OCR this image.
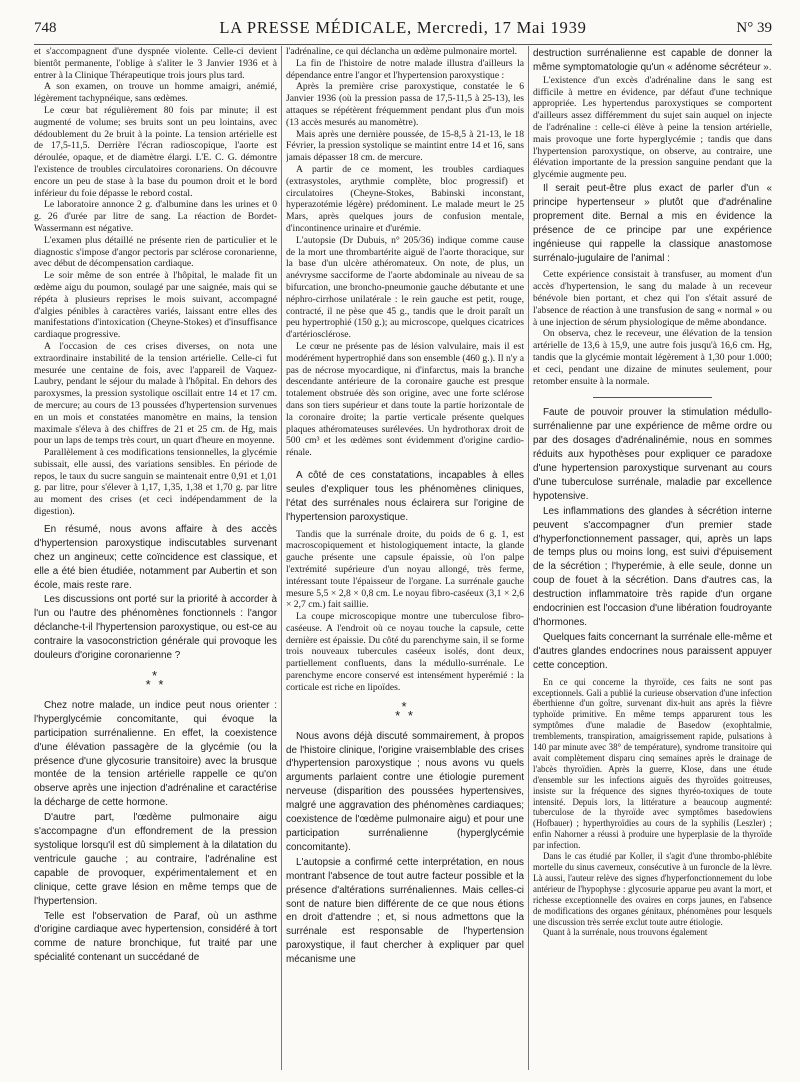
748	LA PRESSE MÉDICALE, Mercredi, 17 Mai 1939	N° 39

et s'accompagnent d'une dyspnée violente. Celle-ci devient bientôt permanente, l'oblige à s'aliter le 3 Janvier 1936 et à entrer à la Clinique Thérapeutique trois jours plus tard.

A son examen, on trouve un homme amaigri, anémié, légèrement tachypnéique, sans œdèmes.

Le cœur bat régulièrement 80 fois par minute; il est augmenté de volume; ses bruits sont un peu lointains, avec dédoublement du 2e bruit à la pointe. La tension artérielle est de 17,5-11,5. Derrière l'écran radioscopique, l'aorte est déroulée, opaque, et de diamètre élargi. L'E. C. G. démontre l'existence de troubles circulatoires coronariens. On découvre encore un peu de stase à la base du poumon droit et le bord inférieur du foie dépasse le rebord costal.

Le laboratoire annonce 2 g. d'albumine dans les urines et 0 g. 26 d'urée par litre de sang. La réaction de Bordet-Wassermann est négative.

L'examen plus détaillé ne présente rien de particulier et le diagnostic s'impose d'angor pectoris par sclérose coronarienne, avec début de décompensation cardiaque.

Le soir même de son entrée à l'hôpital, le malade fit un œdème aigu du poumon, soulagé par une saignée, mais qui se répéta à plusieurs reprises le mois suivant, accompagné d'algies pénibles à caractères variés, laissant entre elles des manifestations d'intoxication (Cheyne-Stokes) et d'insuffisance cardiaque progressive.

A l'occasion de ces crises diverses, on nota une extraordinaire instabilité de la tension artérielle. Celle-ci fut mesurée une centaine de fois, avec l'appareil de Vaquez-Laubry, pendant le séjour du malade à l'hôpital. En dehors des paroxysmes, la pression systolique oscillait entre 14 et 17 cm. de mercure; au cours de 13 poussées d'hypertension survenues en un mois et constatées manomètre en mains, la tension maximale s'éleva à des chiffres de 21 et 25 cm. de Hg, mais pour un laps de temps très court, un quart d'heure en moyenne.

Parallèlement à ces modifications tensionnelles, la glycémie subissait, elle aussi, des variations sensibles. En période de repos, le taux du sucre sanguin se maintenait entre 0,91 et 1,01 g. par litre, pour s'élever à 1,17, 1,35, 1,38 et 1,70 g. par litre au moment des crises (et ceci indépendamment de la digestion).

En résumé, nous avons affaire à des accès d'hypertension paroxystique indiscutables survenant chez un angineux; cette coïncidence est classique, et elle a été bien étudiée, notamment par Aubertin et son école, mais reste rare.

Les discussions ont porté sur la priorité à accorder à l'un ou l'autre des phénomènes fonctionnels : l'angor déclanche-t-il l'hypertension paroxystique, ou est-ce au contraire la vasoconstriction générale qui provoque les douleurs d'origine coronarienne ?

*
* *

Chez notre malade, un indice peut nous orienter : l'hyperglycémie concomitante, qui évoque la participation surrénalienne. En effet, la coexistence d'une élévation passagère de la glycémie (ou la présence d'une glycosurie transitoire) avec la brusque montée de la tension artérielle rappelle ce qu'on observe après une injection d'adrénaline et caractérise la décharge de cette hormone.

D'autre part, l'œdème pulmonaire aigu s'accompagne d'un effondrement de la pression systolique lorsqu'il est dû simplement à la dilatation du ventricule gauche ; au contraire, l'adrénaline est capable de provoquer, expérimentalement et en clinique, cette grave lésion en même temps que de l'hypertension.

Telle est l'observation de Paraf, où un asthme d'origine cardiaque avec hypertension, considéré à tort comme de nature bronchique, fut traité par une spécialité contenant un succédané de

l'adrénaline, ce qui déclancha un œdème pulmonaire mortel.

La fin de l'histoire de notre malade illustra d'ailleurs la dépendance entre l'angor et l'hypertension paroxystique :

Après la première crise paroxystique, constatée le 6 Janvier 1936 (où la pression passa de 17,5-11,5 à 25-13), les attaques se répétèrent fréquemment pendant plus d'un mois (13 accès mesurés au manomètre).

Mais après une dernière poussée, de 15-8,5 à 21-13, le 18 Février, la pression systolique se maintint entre 14 et 16, sans jamais dépasser 18 cm. de mercure.

A partir de ce moment, les troubles cardiaques (extrasystoles, arythmie complète, bloc progressif) et circulatoires (Cheyne-Stokes, Babinski inconstant, hyperazotémie légère) prédominent. Le malade meurt le 25 Mars, après quelques jours de confusion mentale, d'incontinence urinaire et d'urémie.

L'autopsie (Dr Dubuis, n° 205/36) indique comme cause de la mort une thrombartérite aiguë de l'aorte thoracique, sur la base d'un ulcère athéromateux. On note, de plus, un anévrysme sacciforme de l'aorte abdominale au niveau de sa bifurcation, une broncho-pneumonie gauche débutante et une néphro-cirrhose unilatérale : le rein gauche est petit, rouge, contracté, il ne pèse que 45 g., tandis que le droit paraît un peu hypertrophié (150 g.); au microscope, quelques cicatrices d'artériosclérose.

Le cœur ne présente pas de lésion valvulaire, mais il est modérément hypertrophié dans son ensemble (460 g.). Il n'y a pas de nécrose myocardique, ni d'infarctus, mais la branche descendante antérieure de la coronaire gauche est presque totalement obstruée dès son origine, avec une forte sclérose dans son tiers supérieur et dans toute la partie horizontale de la coronaire droite; la partie verticale présente quelques plaques athéromateuses surélevées. Un hydrothorax droit de 500 cm³ et les œdèmes sont évidemment d'origine cardio-rénale.

A côté de ces constatations, incapables à elles seules d'expliquer tous les phénomènes cliniques, l'état des surrénales nous éclairera sur l'origine de l'hypertension paroxystique.

Tandis que la surrénale droite, du poids de 6 g. 1, est macroscopiquement et histologiquement intacte, la glande gauche présente une capsule épaissie, où l'on palpe l'extrémité supérieure d'un noyau allongé, très ferme, intéressant toute l'épaisseur de l'organe. La surrénale gauche mesure 5,5 × 2,8 × 0,8 cm. Le noyau fibro-caséeux (3,1 × 2,6 × 2,7 cm.) fait saillie.

La coupe microscopique montre une tuberculose fibro-caséeuse. A l'endroit où ce noyau touche la capsule, cette dernière est épaissie. Du côté du parenchyme sain, il se forme trois nouveaux tubercules caséeux isolés, dont deux, partiellement confluents, dans la médullo-surrénale. Le parenchyme encore conservé est intensément hyperémié : la corticale est riche en lipoïdes.

*
* *

Nous avons déjà discuté sommairement, à propos de l'histoire clinique, l'origine vraisemblable des crises d'hypertension paroxystique ; nous avons vu quels arguments parlaient contre une étiologie purement nerveuse (disparition des poussées hypertensives, malgré une aggravation des phénomènes cardiaques; coexistence de l'œdème pulmonaire aigu) et pour une participation surrénalienne (hyperglycémie concomitante).

L'autopsie a confirmé cette interprétation, en nous montrant l'absence de tout autre facteur possible et la présence d'altérations surrénaliennes. Mais celles-ci sont de nature bien différente de ce que nous étions en droit d'attendre ; et, si nous admettons que la surrénale est responsable de l'hypertension paroxystique, il faut chercher à expliquer par quel mécanisme une

destruction surrénalienne est capable de donner la même symptomatologie qu'un « adénome sécréteur ».

L'existence d'un excès d'adrénaline dans le sang est difficile à mettre en évidence, par défaut d'une technique appropriée. Les hypertendus paroxystiques se comportent d'ailleurs assez différemment du sujet sain auquel on injecte de l'adrénaline : celle-ci élève à peine la tension artérielle, mais provoque une forte hyperglycémie ; tandis que dans l'hypertension paroxystique, on observe, au contraire, une élévation importante de la pression sanguine pendant que la glycémie augmente peu.

Il serait peut-être plus exact de parler d'un « principe hypertenseur » plutôt que d'adrénaline proprement dite. Bernal a mis en évidence la présence de ce principe par une expérience ingénieuse qui rappelle la classique anastomose surrénalo-jugulaire de l'animal :

Cette expérience consistait à transfuser, au moment d'un accès d'hypertension, le sang du malade à un receveur bénévole bien portant, et chez qui l'on s'était assuré de l'absence de réaction à une transfusion de sang « normal » ou à une injection de sérum physiologique de même abondance.

On observa, chez le receveur, une élévation de la tension artérielle de 13,6 à 15,9, une autre fois jusqu'à 16,6 cm. Hg, tandis que la glycémie montait légèrement à 1,30 pour 1.000; et ceci, pendant une dizaine de minutes seulement, pour retomber ensuite à la normale.

Faute de pouvoir prouver la stimulation médullo-surrénalienne par une expérience de même ordre ou par des dosages d'adrénalinémie, nous en sommes réduits aux hypothèses pour expliquer ce paradoxe d'une hypertension paroxystique survenant au cours d'une tuberculose surrénale, maladie par excellence hypotensive.

Les inflammations des glandes à sécrétion interne peuvent s'accompagner d'un premier stade d'hyperfonctionnement passager, qui, après un laps de temps plus ou moins long, est suivi d'épuisement de la sécrétion ; l'hyperémie, à elle seule, donne un coup de fouet à la sécrétion. Dans d'autres cas, la destruction inflammatoire très rapide d'un organe endocrinien est l'occasion d'une libération foudroyante d'hormones.

Quelques faits concernant la surrénale elle-même et d'autres glandes endocrines nous paraissent appuyer cette conception.

En ce qui concerne la thyroïde, ces faits ne sont pas exceptionnels. Gali a publié la curieuse observation d'une infection éberthienne d'un goître, survenant dix-huit ans après la fièvre typhoïde primitive. En même temps apparurent tous les symptômes d'une maladie de Basedow (exophtalmie, tremblements, transpiration, amaigrissement rapide, pulsations à 140 par minute avec 38° de température), syndrome transitoire qui avait complètement disparu cinq semaines après le drainage de l'abcès thyroïdien. Après la guerre, Klose, dans une étude d'ensemble sur les infections aiguës des thyroïdes goitreuses, insiste sur la fréquence des signes thyréo-toxiques de toute intensité. Depuis lors, la littérature a beaucoup augmenté: tuberculose de la thyroïde avec symptômes basedowiens (Hofbauer) ; hyperthyroïdies au cours de la syphilis (Leszler) ; enfin Nahorner a réussi à produire une hyperplasie de la thyroïde par infection.

Dans le cas étudié par Koller, il s'agit d'une thrombo-phlébite mortelle du sinus caverneux, consécutive à un furoncle de la lèvre. Là aussi, l'auteur relève des signes d'hyperfonctionnement du lobe antérieur de l'hypophyse : glycosurie apparue peu avant la mort, et richesse exceptionnelle des ovaires en corps jaunes, en l'absence de modifications des organes génitaux, phénomènes pour lesquels une discussion très serrée exclut toute autre étiologie.

Quant à la surrénale, nous trouvons également
